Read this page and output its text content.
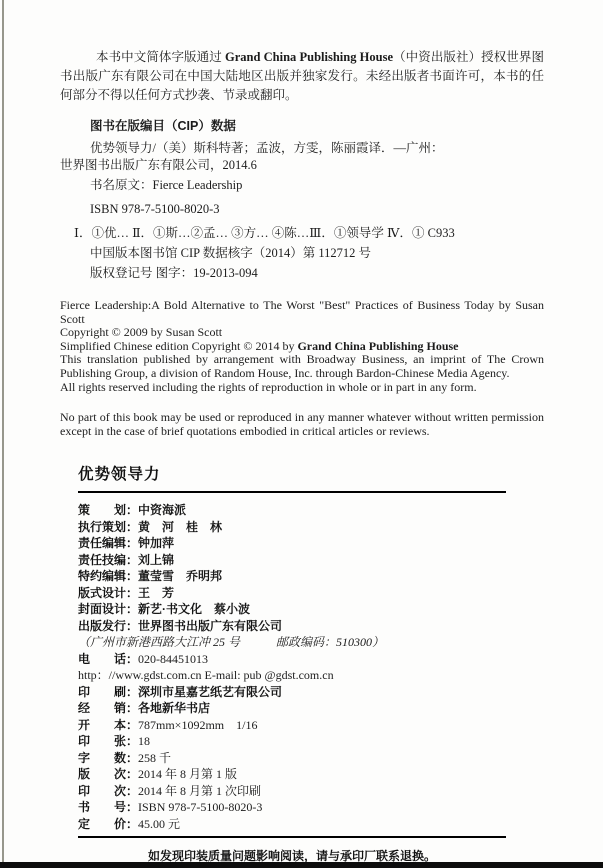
本书中文简体字版通过 Grand China Publishing House（中资出版社）授权世界图书出版广东有限公司在中国大陆地区出版并独家发行。未经出版者书面许可，本书的任何部分不得以任何方式抄袭、节录或翻印。

图书在版编目（CIP）数据

优势领导力/（美）斯科特著；孟波，方雯，陈丽霞译．—广州：

世界图书出版广东有限公司，2014.6

书名原文：Fierce Leadership

ISBN 978-7-5100-8020-3

Ⅰ．①优… Ⅱ．①斯…②孟… ③方… ④陈…Ⅲ．①领导学 Ⅳ．① C933

中国版本图书馆 CIP 数据核字（2014）第 112712 号

版权登记号 图字：19-2013-094

Fierce Leadership:A Bold Alternative to The Worst "Best" Practices of Business Today by Susan Scott

Copyright © 2009 by Susan Scott

Simplified Chinese edition Copyright © 2014 by Grand China Publishing House

This translation published by arrangement with Broadway Business, an imprint of The Crown Publishing Group, a division of Random House, Inc. through Bardon-Chinese Media Agency.

All rights reserved including the rights of reproduction in whole or in part in any form.

No part of this book may be used or reproduced in any manner whatever without written permission except in the case of brief quotations embodied in critical articles or reviews.

优势领导力

策　　划：中资海派
执行策划：黄　河　桂　林
责任编辑：钟加萍
责任技编：刘上锦
特约编辑：董莹雪　乔明邦
版式设计：王　芳
封面设计：新艺·书文化　蔡小波
出版发行：世界图书出版广东有限公司
（广州市新港西路大江冲 25 号　　　邮政编码：510300）
电　　话：020-84451013
http：//www.gdst.com.cn E-mail: pub @gdst.com.cn
印　　刷：深圳市星嘉艺纸艺有限公司
经　　销：各地新华书店
开　　本：787mm×1092mm　1/16
印　　张：18
字　　数：258 千
版　　次：2014 年 8 月第 1 版
印　　次：2014 年 8 月第 1 次印刷
书　　号：ISBN 978-7-5100-8020-3
定　　价：45.00 元

如发现印装质量问题影响阅读，请与承印厂联系退换。
